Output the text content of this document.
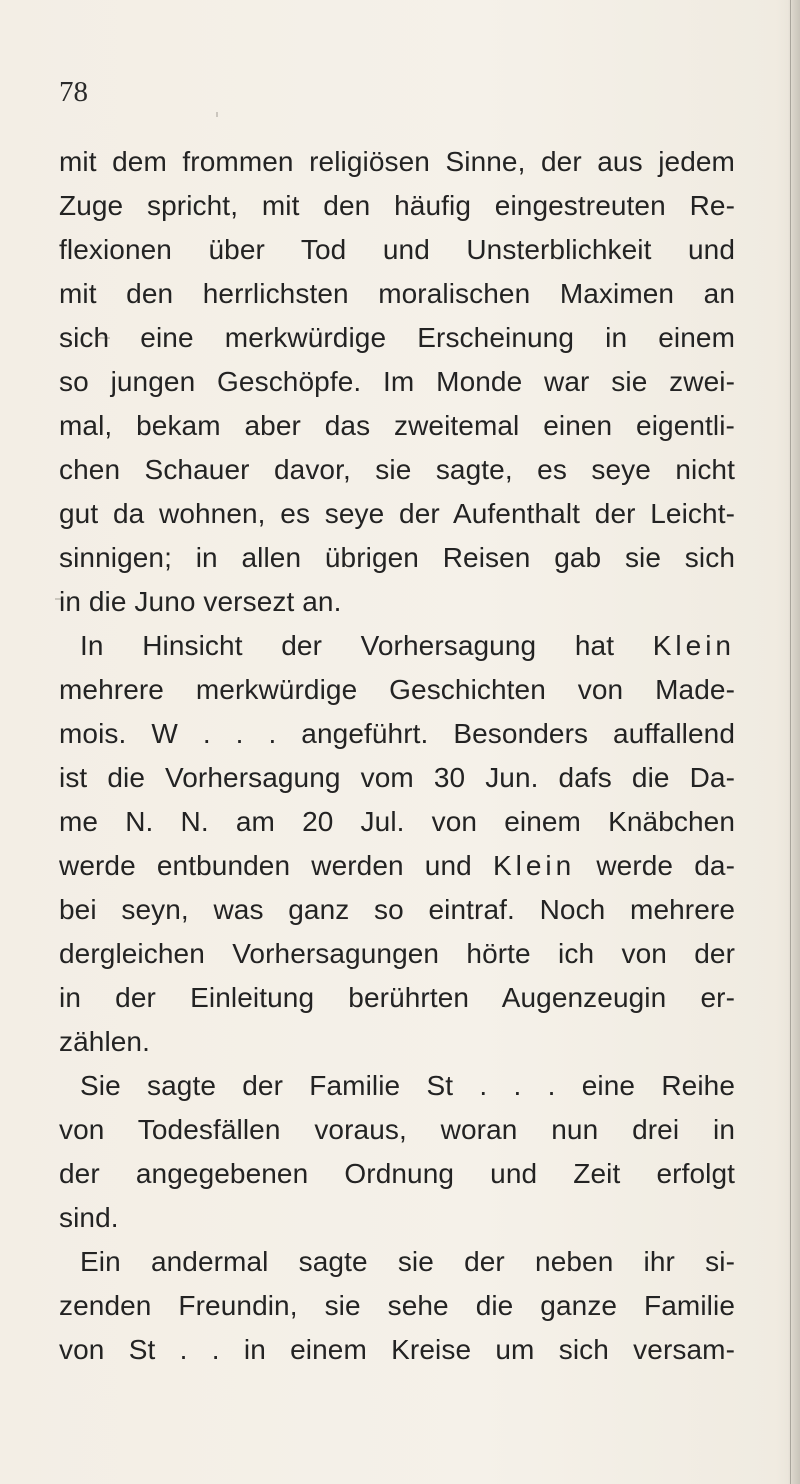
78
mit dem frommen religiösen Sinne, der aus jedem
Zuge spricht, mit den häufig eingestreuten Re-
flexionen über Tod und Unsterblichkeit und
mit den herrlichsten moralischen Maximen an
sich eine merkwürdige Erscheinung in einem
so jungen Geschöpfe. Im Monde war sie zwei-
mal, bekam aber das zweitemal einen eigentli-
chen Schauer davor, sie sagte, es seye nicht
gut da wohnen, es seye der Aufenthalt der Leicht-
sinnigen; in allen übrigen Reisen gab sie sich
in die Juno versezt an.
In Hinsicht der Vorhersagung hat Klein
mehrere merkwürdige Geschichten von Made-
mois. W . . . angeführt. Besonders auffallend
ist die Vorhersagung vom 30 Jun. dafs die Da-
me N. N. am 20 Jul. von einem Knäbchen
werde entbunden werden und Klein werde da-
bei seyn, was ganz so eintraf. Noch mehrere
dergleichen Vorhersagungen hörte ich von der
in der Einleitung berührten Augenzeugin er-
zählen.
Sie sagte der Familie St . . . eine Reihe
von Todesfällen voraus, woran nun drei in
der angegebenen Ordnung und Zeit erfolgt
sind.
Ein andermal sagte sie der neben ihr si-
zenden Freundin, sie sehe die ganze Familie
von St . . in einem Kreise um sich versam-
